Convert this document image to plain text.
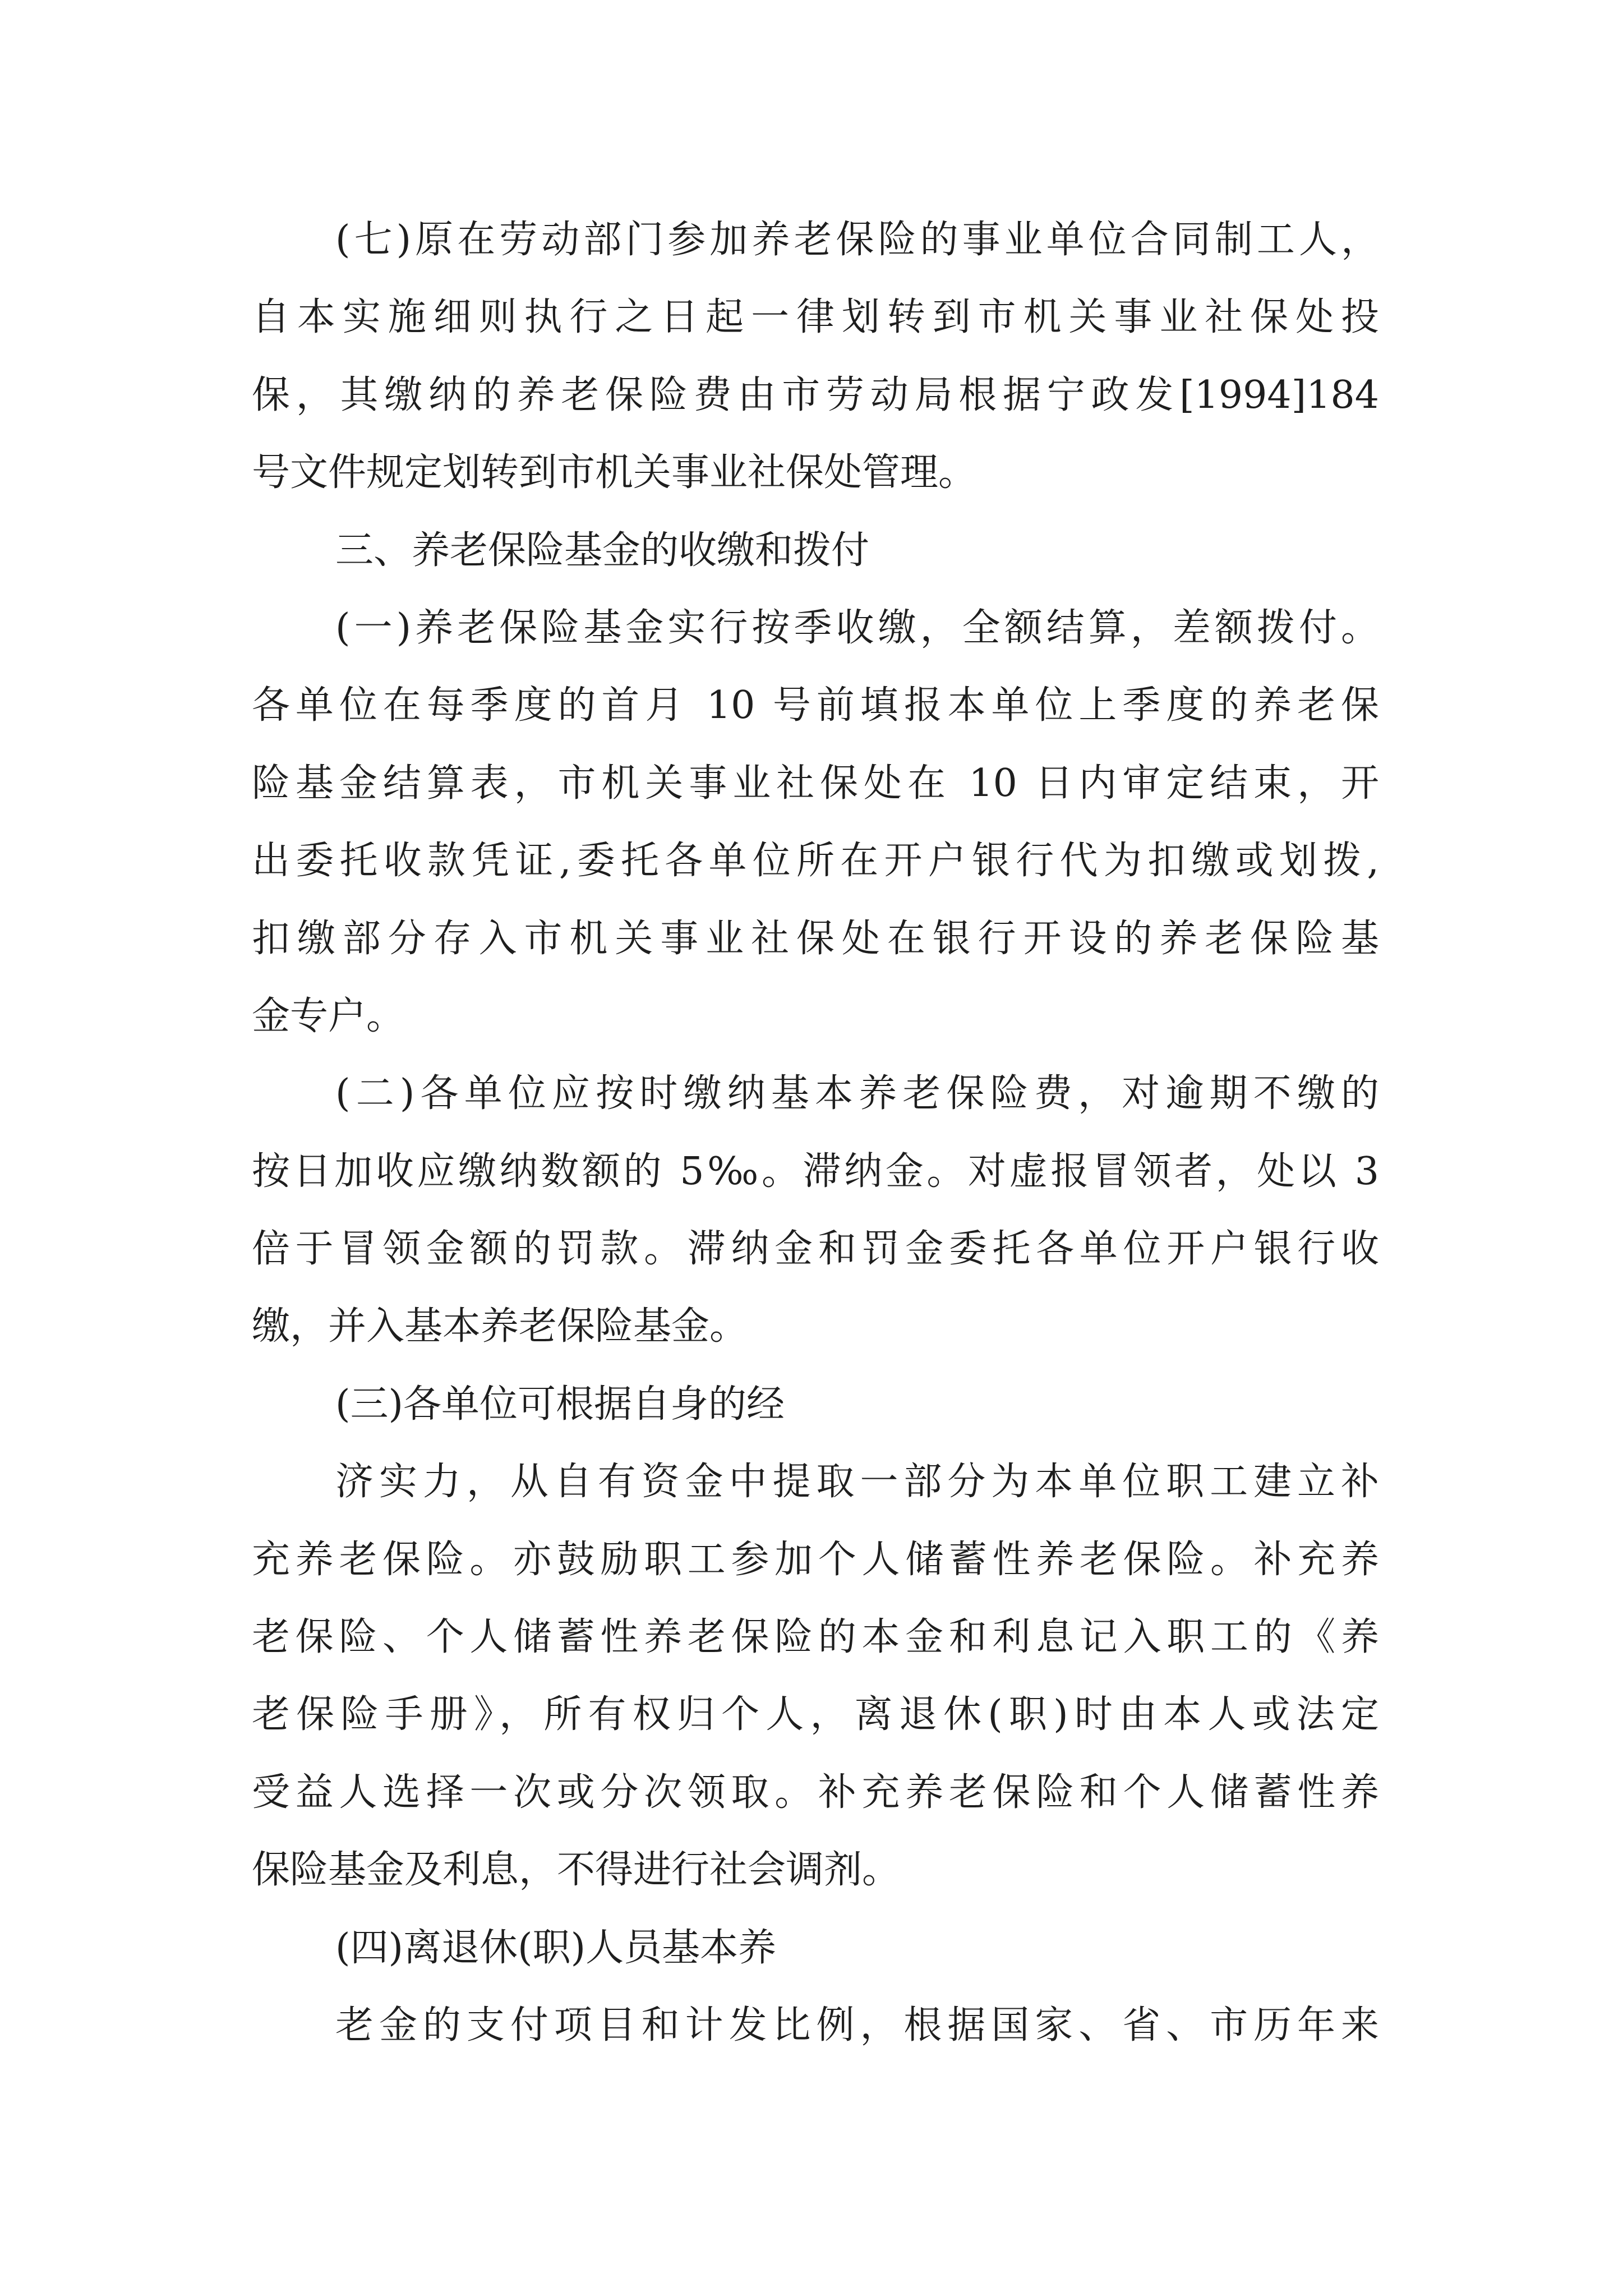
(七)原在劳动部门参加养老保险的事业单位合同制工人，
自本实施细则执行之日起一律划转到市机关事业社保处投
保，其缴纳的养老保险费由市劳动局根据宁政发[1994]184
号文件规定划转到市机关事业社保处管理。
三、养老保险基金的收缴和拨付
(一)养老保险基金实行按季收缴，全额结算，差额拨付。
各单位在每季度的首月 10 号前填报本单位上季度的养老保
险基金结算表，市机关事业社保处在 10 日内审定结束，开
出委托收款凭证,委托各单位所在开户银行代为扣缴或划拨,
扣缴部分存入市机关事业社保处在银行开设的养老保险基
金专户。
(二)各单位应按时缴纳基本养老保险费，对逾期不缴的
按日加收应缴纳数额的 5‰。滞纳金。对虚报冒领者，处以 3
倍于冒领金额的罚款。滞纳金和罚金委托各单位开户银行收
缴，并入基本养老保险基金。
(三)各单位可根据自身的经
济实力，从自有资金中提取一部分为本单位职工建立补
充养老保险。亦鼓励职工参加个人储蓄性养老保险。补充养
老保险、个人储蓄性养老保险的本金和利息记入职工的《养
老保险手册》，所有权归个人，离退休(职)时由本人或法定
受益人选择一次或分次领取。补充养老保险和个人储蓄性养
保险基金及利息，不得进行社会调剂。
(四)离退休(职)人员基本养
老金的支付项目和计发比例，根据国家、省、市历年来
